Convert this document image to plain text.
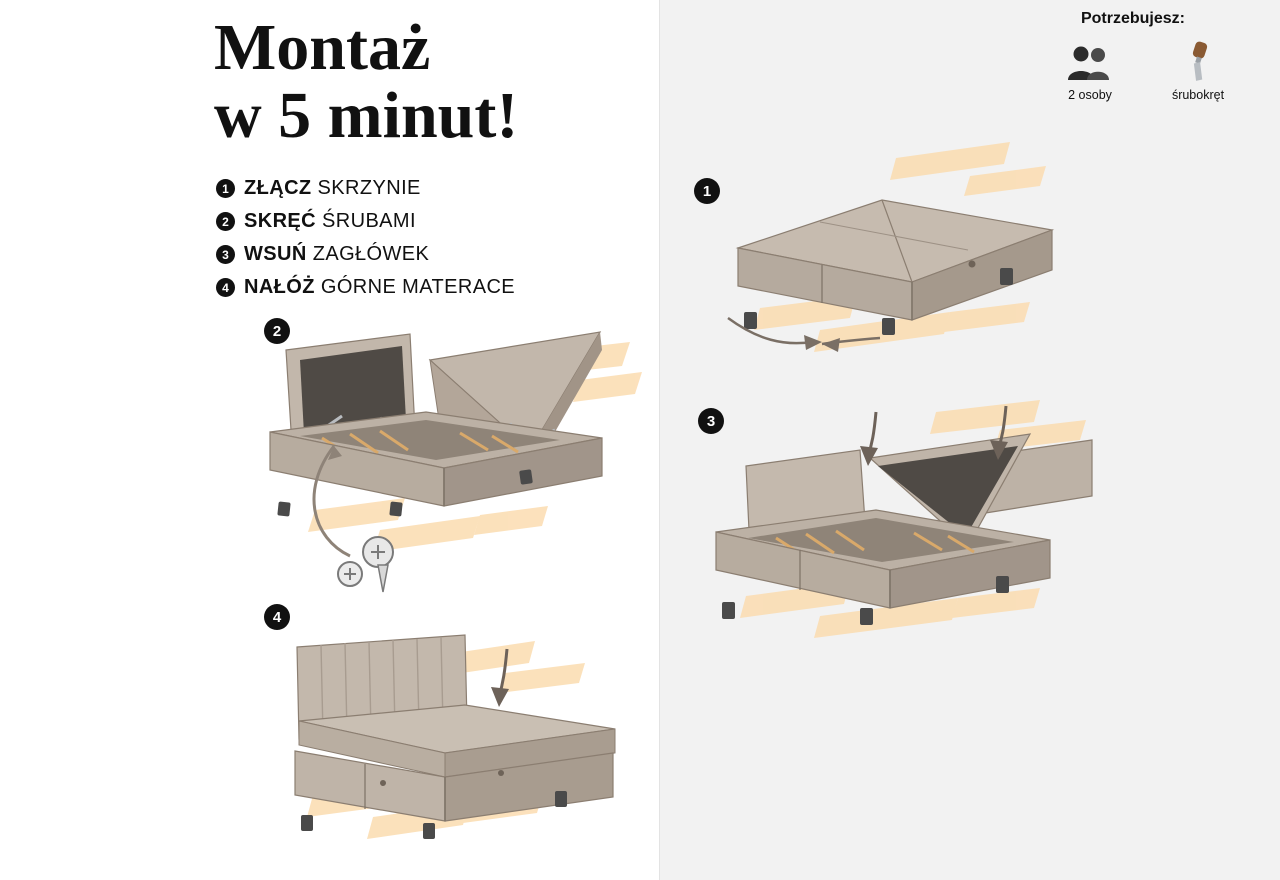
Montaż
w 5 minut!
1 ZŁĄCZ SKRZYNIE
2 SKRĘĆ ŚRUBAMI
3 WSUŃ ZAGŁÓWEK
4 NAŁÓŻ GÓRNE MATERACE
2
4
Potrzebujesz:
2 osoby	śrubokręt
1
3
